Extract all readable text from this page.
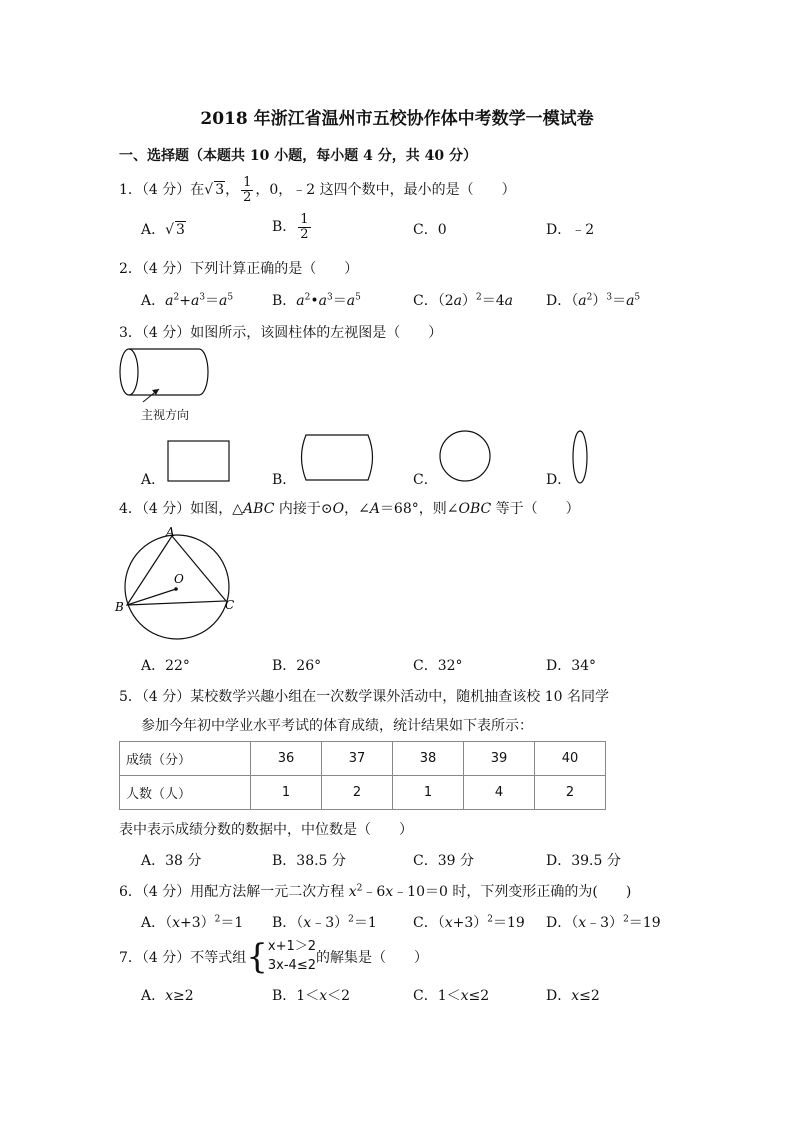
2018 年浙江省温州市五校协作体中考数学一模试卷
一、选择题（本题共 10 小题，每小题 4 分，共 40 分）
1．（4 分）在√ 3， $\frac{1}{2}$ ，0，﹣2 这四个数中，最小的是（　　）
A．√ 3	B． $\frac{1}{2}$	C．0	D．﹣2
2．（4 分）下列计算正确的是（　　）
A．$a^2+a^3=a^5$	B．$a^2•a^3=a^5$	C．$(2a)^2=4a$ D．$(a^2)^3=a^5$
3．（4 分）如图所示，该圆柱体的左视图是（　　）
主视方向
A．	B．	C．	D．
4．（4 分）如图，△ABC 内接于⊙O，∠A＝68°，则∠OBC 等于（　　）
A
B	C
O
A．22°	B．26°	C．32°	D．34°
5．（4 分）某校数学兴趣小组在一次数学课外活动中，随机抽查该校 10 名同学
参加今年初中学业水平考试的体育成绩，统计结果如下表所示：
成绩（分）	36	37	38	39	40
人数（人）	1	2	1	4	2
表中表示成绩分数的数据中，中位数是（　　）
A．38 分	B．38.5 分	C．39 分	D．39.5 分
6．（4 分）用配方法解一元二次方程 $x^2﹣6x﹣10=0$ 时，下列变形正确的为(　　)
A．$(x+3)^2=1$ B．（x﹣3）$^2$＝1	C．$(x+3)^2=19$ D．（x﹣3）$^2$＝19
7．（4 分）不等式组{ x+1＞2
3x-4≤2 的解集是（　　）
A．x≥2	B．1＜x＜2	C．1＜x≤2	D．x≤2
